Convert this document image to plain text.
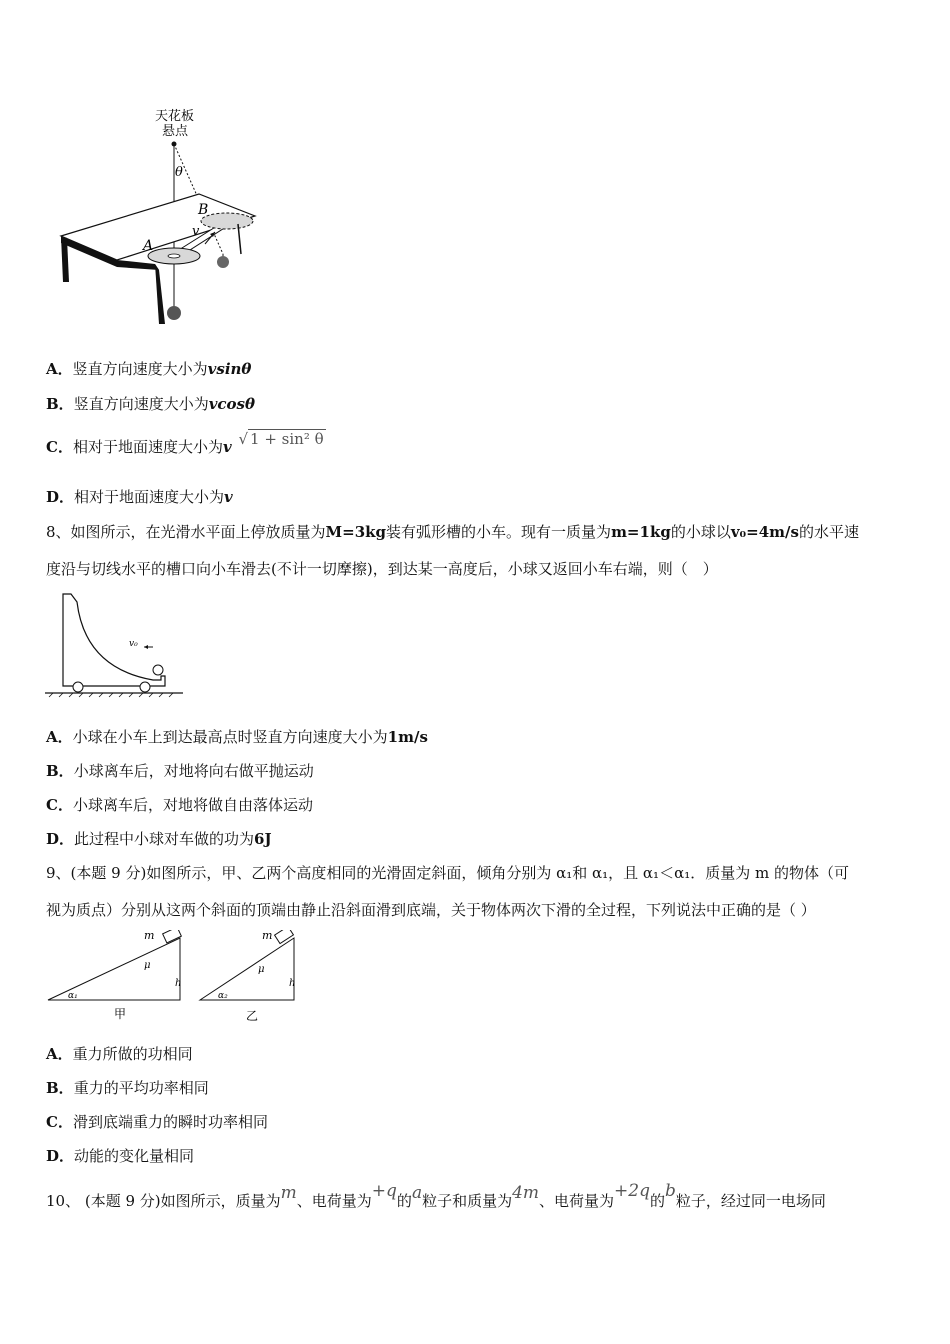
天花板
悬点
θ
A
B
v
A．竖直方向速度大小为vsinθ
B．竖直方向速度大小为vcosθ
C．相对于地面速度大小为v √ 1 + sin² θ
D．相对于地面速度大小为v
8、如图所示，在光滑水平面上停放质量为M=3kg装有弧形槽的小车。现有一质量为m=1kg的小球以v₀=4m/s的水平速
度沿与切线水平的槽口向小车滑去(不计一切摩擦)，到达某一高度后，小球又返回小车右端，则（　）
v₀
A．小球在小车上到达最高点时竖直方向速度大小为1m/s
B．小球离车后，对地将向右做平抛运动
C．小球离车后，对地将做自由落体运动
D．此过程中小球对车做的功为6J
9、(本题 9 分)如图所示，甲、乙两个高度相同的光滑固定斜面，倾角分别为 α₁和 α₁，且 α₁＜α₁．质量为 m 的物体（可
视为质点）分别从这两个斜面的顶端由静止沿斜面滑到底端，关于物体两次下滑的全过程，下列说法中正确的是（ ）
m
μ
h
α₁
甲
m
μ
h
α₂
乙
A．重力所做的功相同
B．重力的平均功率相同
C．滑到底端重力的瞬时功率相同
D．动能的变化量相同
10、 (本题 9 分)如图所示，质量为m、电荷量为+q的a粒子和质量为4m、电荷量为+2q的b粒子，经过同一电场同
